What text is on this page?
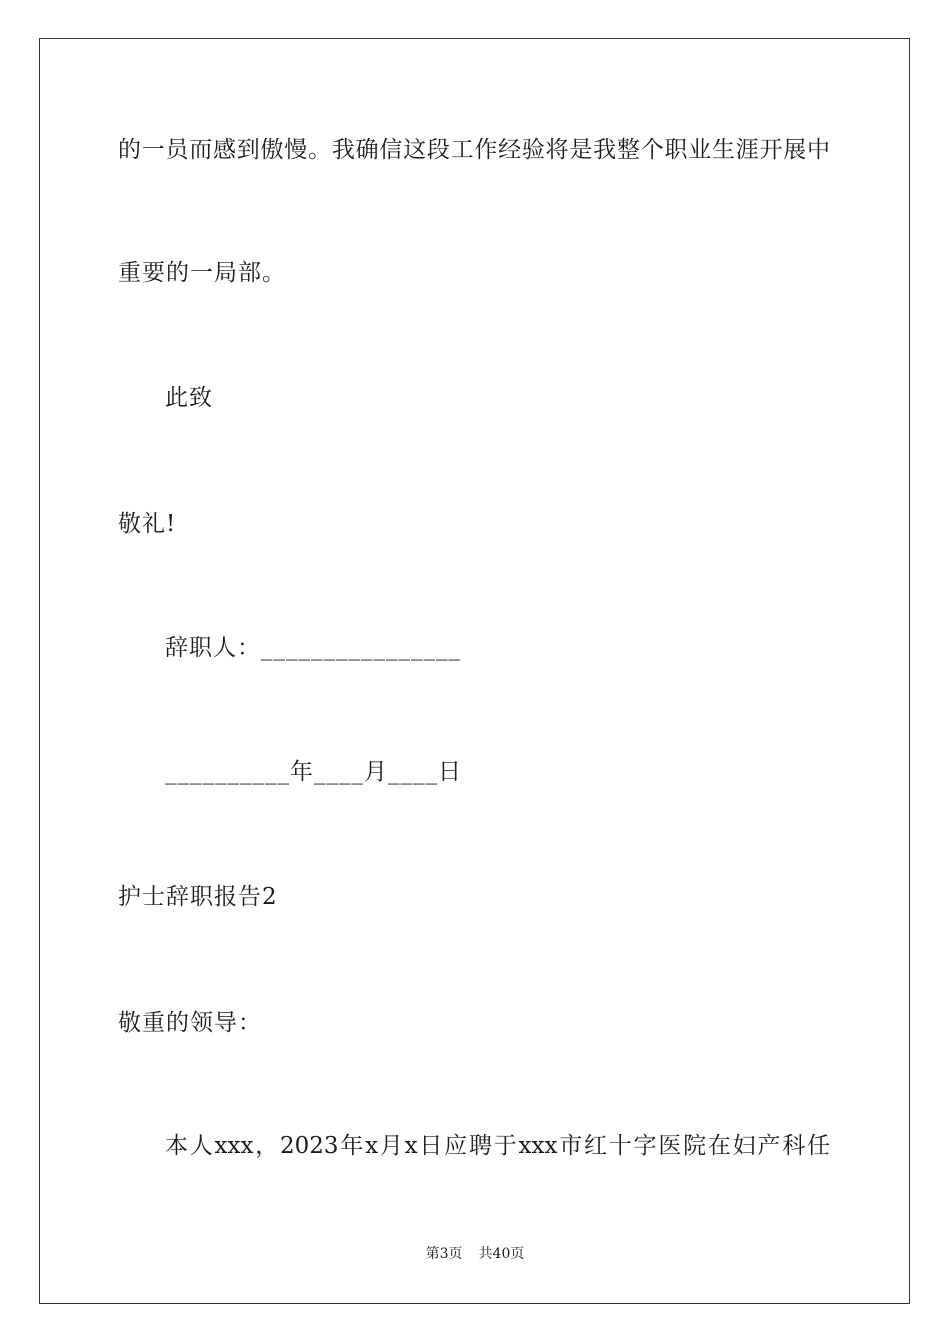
的一员而感到傲慢。我确信这段工作经验将是我整个职业生涯开展中
重要的一局部。
此致
敬礼!
辞职人：________________
__________年____月____日
护士辞职报告2
敬重的领导：
本人xxx，2023年x月x日应聘于xxx市红十字医院在妇产科任
第3页 共40页
